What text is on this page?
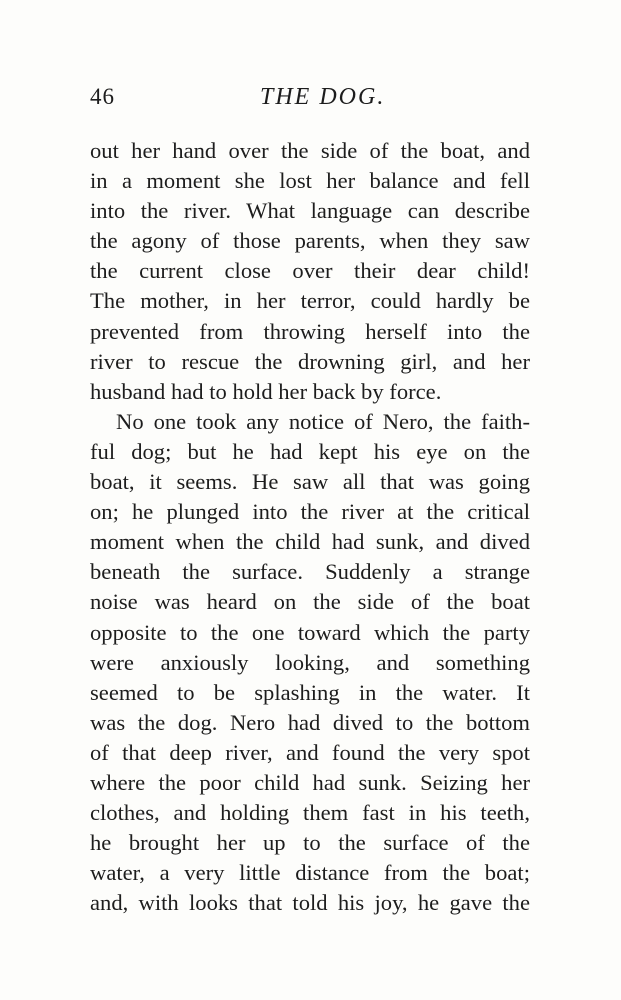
46	THE DOG.
out her hand over the side of the boat, and
in a moment she lost her balance and fell
into the river. What language can describe
the agony of those parents, when they saw
the current close over their dear child!
The mother, in her terror, could hardly be
prevented from throwing herself into the
river to rescue the drowning girl, and her
husband had to hold her back by force.
No one took any notice of Nero, the faith-
ful dog; but he had kept his eye on the
boat, it seems. He saw all that was going
on; he plunged into the river at the critical
moment when the child had sunk, and dived
beneath the surface. Suddenly a strange
noise was heard on the side of the boat
opposite to the one toward which the party
were anxiously looking, and something
seemed to be splashing in the water. It
was the dog. Nero had dived to the bottom
of that deep river, and found the very spot
where the poor child had sunk. Seizing her
clothes, and holding them fast in his teeth,
he brought her up to the surface of the
water, a very little distance from the boat;
and, with looks that told his joy, he gave the
